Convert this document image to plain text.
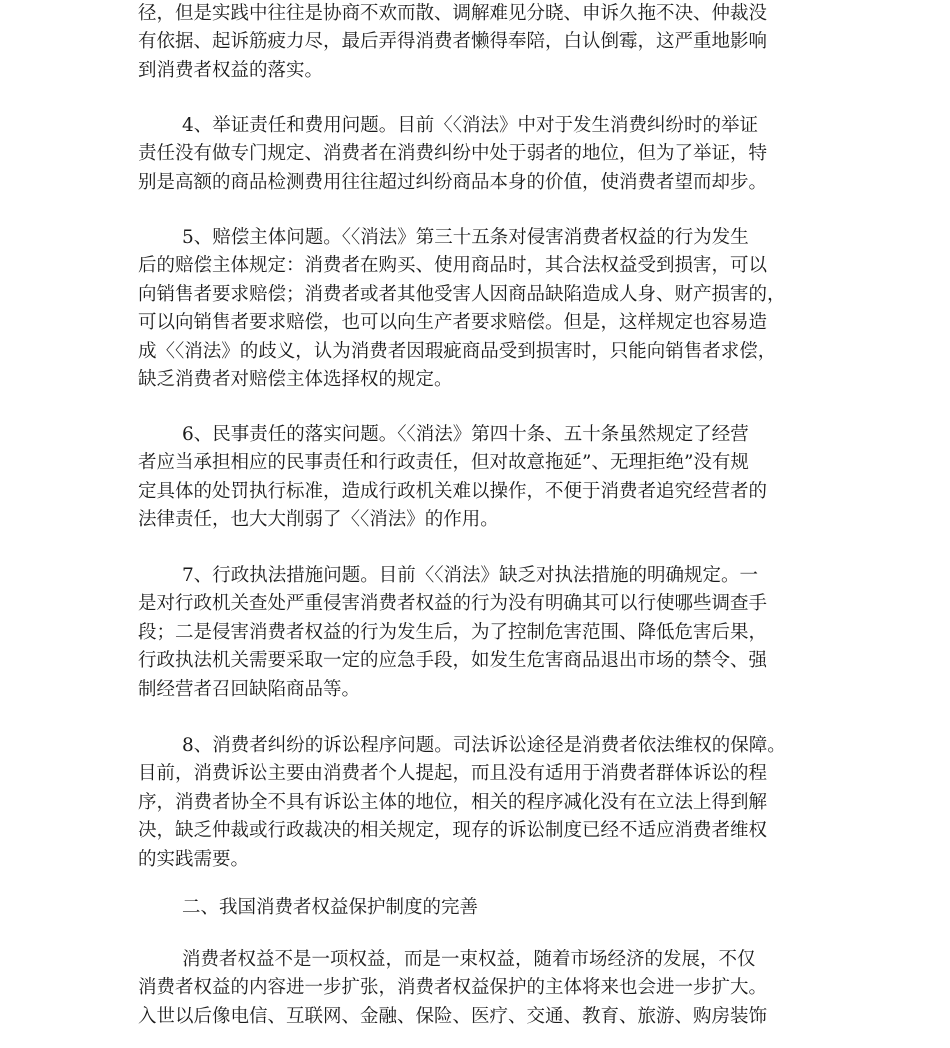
径，但是实践中往往是协商不欢而散、调解难见分晓、申诉久拖不决、仲裁没
有依据、起诉筋疲力尽，最后弄得消费者懒得奉陪，白认倒霉，这严重地影响
到消费者权益的落实。
4、举证责任和费用问题。目前〈〈消法》中对于发生消费纠纷时的举证
责任没有做专门规定、消费者在消费纠纷中处于弱者的地位，但为了举证，特
别是高额的商品检测费用往往超过纠纷商品本身的价值，使消费者望而却步。
5、赔偿主体问题。〈〈消法》第三十五条对侵害消费者权益的行为发生
后的赔偿主体规定：消费者在购买、使用商品时，其合法权益受到损害，可以
向销售者要求赔偿；消费者或者其他受害人因商品缺陷造成人身、财产损害的，
可以向销售者要求赔偿，也可以向生产者要求赔偿。但是，这样规定也容易造
成〈〈消法》的歧义，认为消费者因瑕疵商品受到损害时，只能向销售者求偿，
缺乏消费者对赔偿主体选择权的规定。
6、民事责任的落实问题。〈〈消法》第四十条、五十条虽然规定了经营
者应当承担相应的民事责任和行政责任，但对故意拖延”、无理拒绝”没有规
定具体的处罚执行标准，造成行政机关难以操作，不便于消费者追究经营者的
法律责任，也大大削弱了〈〈消法》的作用。
7、行政执法措施问题。目前〈〈消法》缺乏对执法措施的明确规定。一
是对行政机关查处严重侵害消费者权益的行为没有明确其可以行使哪些调查手
段；二是侵害消费者权益的行为发生后，为了控制危害范围、降低危害后果，
行政执法机关需要采取一定的应急手段，如发生危害商品退出市场的禁令、强
制经营者召回缺陷商品等。
8、消费者纠纷的诉讼程序问题。司法诉讼途径是消费者依法维权的保障。
目前，消费诉讼主要由消费者个人提起，而且没有适用于消费者群体诉讼的程
序，消费者协全不具有诉讼主体的地位，相关的程序减化没有在立法上得到解
决，缺乏仲裁或行政裁决的相关规定，现存的诉讼制度已经不适应消费者维权
的实践需要。
二、我国消费者权益保护制度的完善
消费者权益不是一项权益，而是一束权益，随着市场经济的发展，不仅
消费者权益的内容进一步扩张，消费者权益保护的主体将来也会进一步扩大。
入世以后像电信、互联网、金融、保险、医疗、交通、教育、旅游、购房装饰
